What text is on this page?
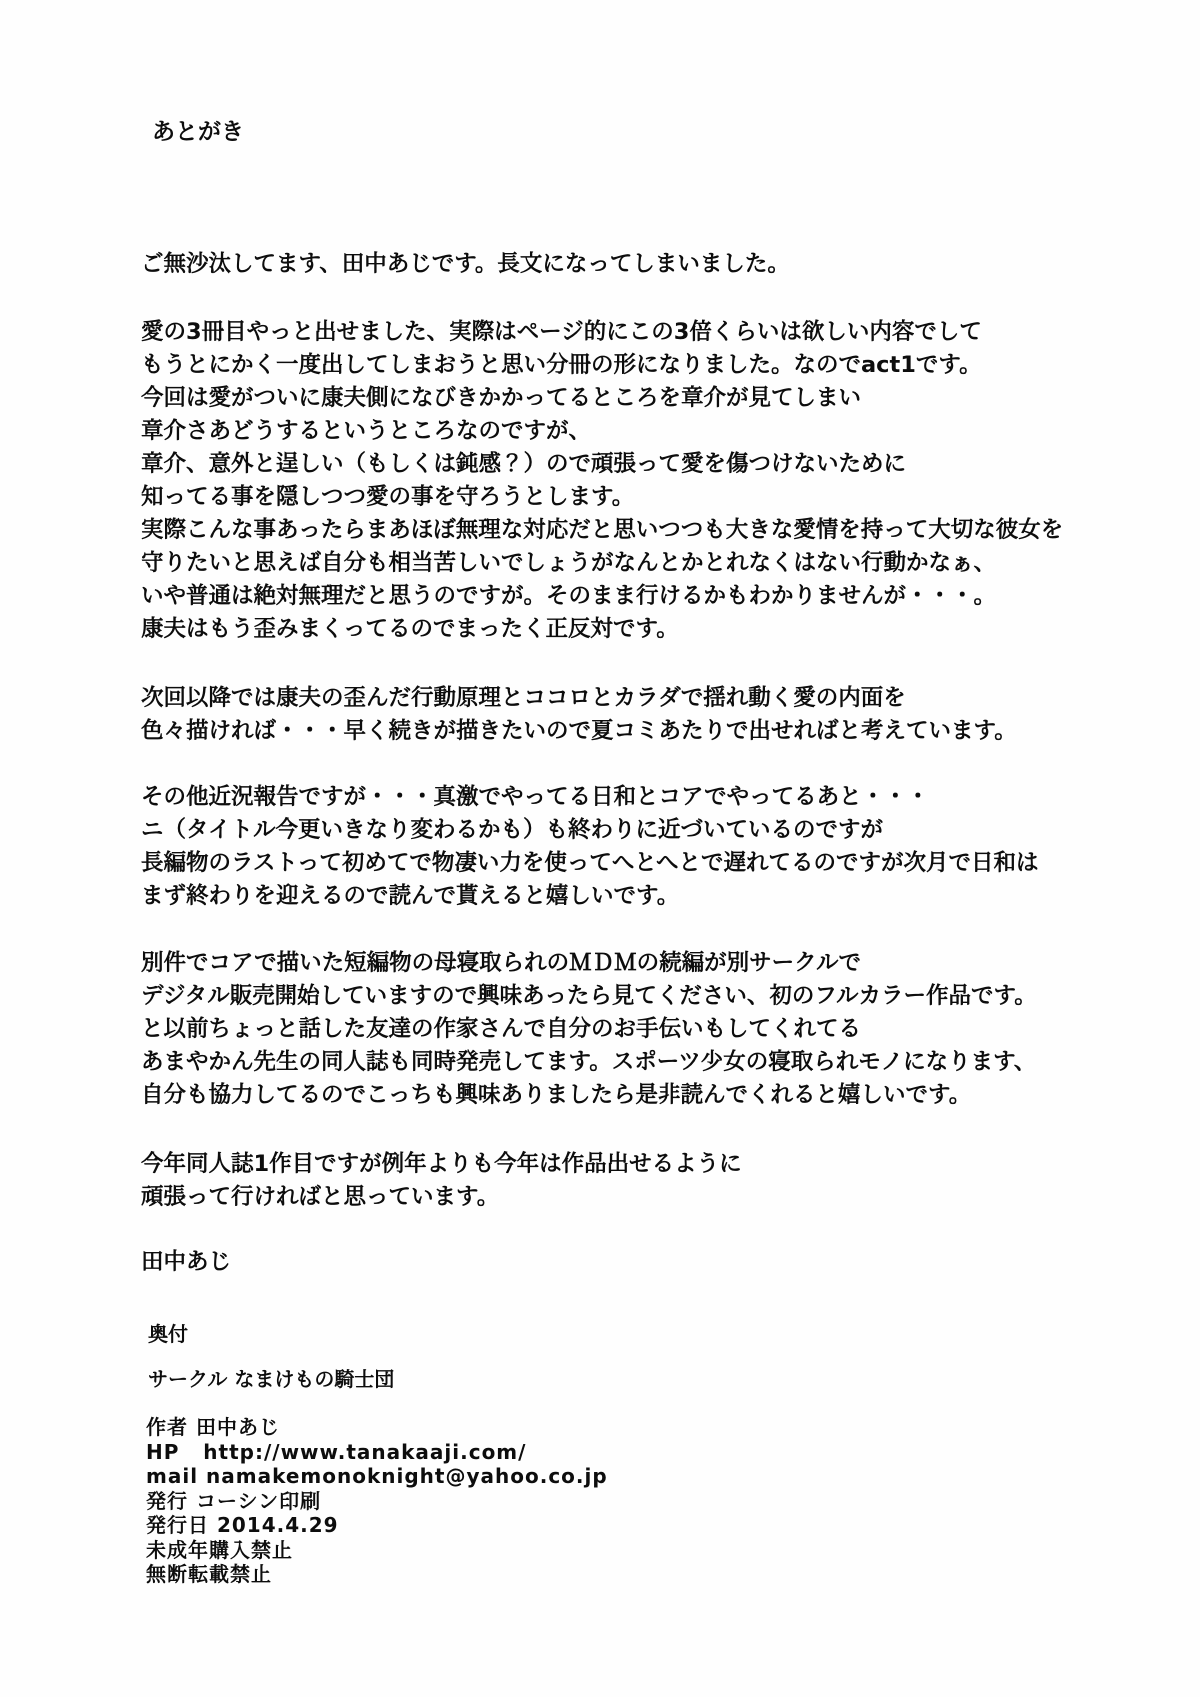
あとがき
ご無沙汰してます、田中あじです。長文になってしまいました。
愛の3冊目やっと出せました、実際はページ的にこの3倍くらいは欲しい内容でして
もうとにかく一度出してしまおうと思い分冊の形になりました。なのでact1です。
今回は愛がついに康夫側になびきかかってるところを章介が見てしまい
章介さあどうするというところなのですが、
章介、意外と逞しい（もしくは鈍感？）ので頑張って愛を傷つけないために
知ってる事を隠しつつ愛の事を守ろうとします。
実際こんな事あったらまあほぼ無理な対応だと思いつつも大きな愛情を持って大切な彼女を
守りたいと思えば自分も相当苦しいでしょうがなんとかとれなくはない行動かなぁ、
いや普通は絶対無理だと思うのですが。そのまま行けるかもわかりませんが・・・。
康夫はもう歪みまくってるのでまったく正反対です。
次回以降では康夫の歪んだ行動原理とココロとカラダで揺れ動く愛の内面を
色々描ければ・・・早く続きが描きたいので夏コミあたりで出せればと考えています。
その他近況報告ですが・・・真激でやってる日和とコアでやってるあと・・・
ニ（タイトル今更いきなり変わるかも）も終わりに近づいているのですが
長編物のラストって初めてで物凄い力を使ってへとへとで遅れてるのですが次月で日和は
まず終わりを迎えるので読んで貰えると嬉しいです。
別件でコアで描いた短編物の母寝取られのＭＤＭの続編が別サークルで
デジタル販売開始していますので興味あったら見てください、初のフルカラー作品です。
と以前ちょっと話した友達の作家さんで自分のお手伝いもしてくれてる
あまやかん先生の同人誌も同時発売してます。スポーツ少女の寝取られモノになります、
自分も協力してるのでこっちも興味ありましたら是非読んでくれると嬉しいです。
今年同人誌1作目ですが例年よりも今年は作品出せるように
頑張って行ければと思っています。
田中あじ
奥付
サークル なまけもの騎士団
作者 田中あじ
HP   http://www.tanakaaji.com/
mail namakemonoknight@yahoo.co.jp
発行 コーシン印刷
発行日 2014.4.29
未成年購入禁止
無断転載禁止
